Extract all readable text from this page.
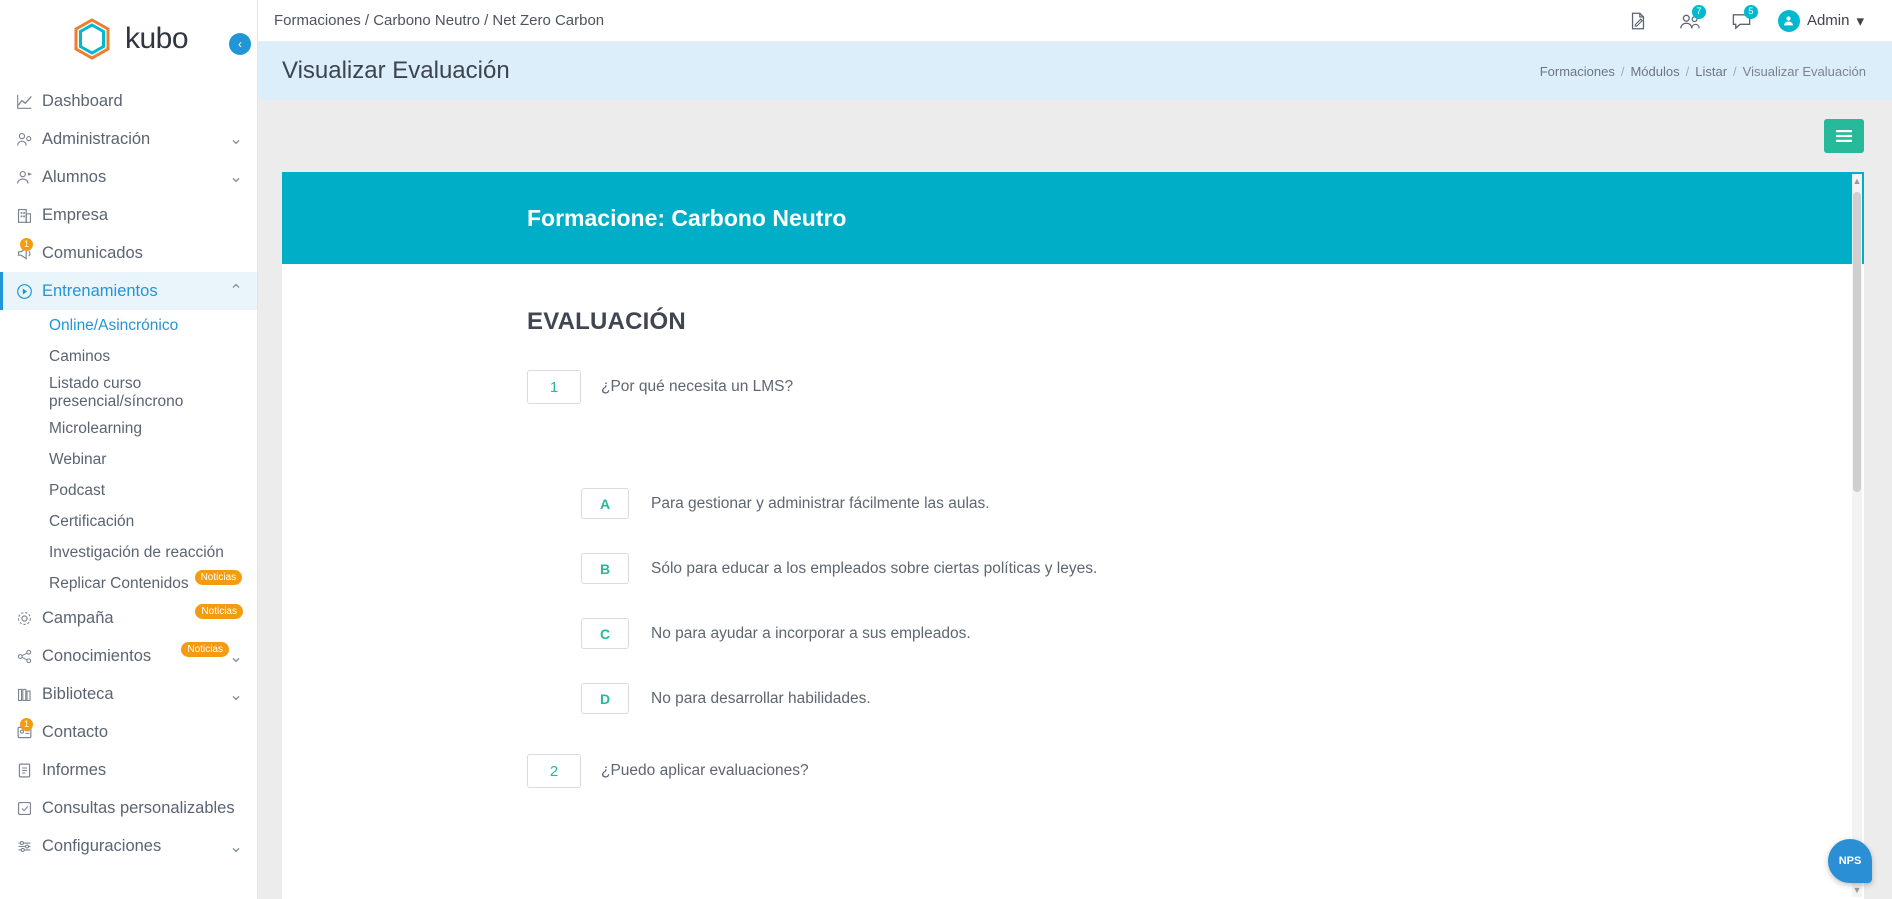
kubo	‹
Dashboard
Administración	⌄
Alumnos	⌄
Empresa
1 Comunicados
Entrenamientos	⌃
Online/Asincrónico
Caminos
Listado curso presencial/síncrono
Microlearning
Webinar
Podcast
Certificación
Investigación de reacción
Replicar Contenidos	Noticias
Campaña	Noticias
Conocimientos	Noticias ⌄
Biblioteca	⌄
1 Contacto
Informes
Consultas personalizables
Configuraciones	⌄
Formaciones / Carbono Neutro / Net Zero Carbon
7	5
Admin ▾
Visualizar Evaluación	Formaciones / Módulos / Listar / Visualizar Evaluación
Formacione: Carbono Neutro
EVALUACIÓN
1	¿Por qué necesita un LMS?
A	Para gestionar y administrar fácilmente las aulas.
B	Sólo para educar a los empleados sobre ciertas políticas y leyes.
C	No para ayudar a incorporar a sus empleados.
D	No para desarrollar habilidades.
2	¿Puedo aplicar evaluaciones?
▲
▼
NPS
